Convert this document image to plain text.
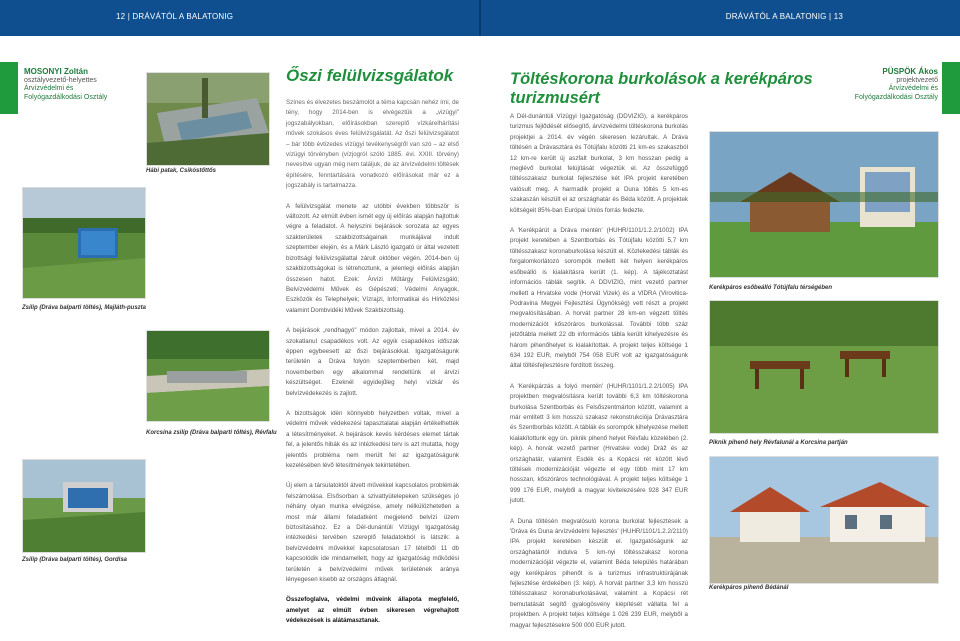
12 | DRÁVÁTÓL A BALATONIG	DRÁVÁTÓL A BALATONIG | 13
MOSONYI Zoltán
osztályvezető-helyettes
Árvízvédelmi és
Folyógazdálkodási Osztály
PÜSPÖK Ákos
projektvezető
Árvízvédelmi és
Folyógazdálkodási Osztály
Hábi patak, Csikóstőttős
Zsilip (Dráva balparti töltés), Majláth-puszta
Korcsina zsilip (Dráva balparti töltés), Révfalu
Zsilip (Dráva balparti töltés), Gordisa
Őszi felülvizsgálatok

Színes és élvezetes beszámolót a téma kapcsán nehéz írni, de tény, hogy 2014-ben is elvégeztük a „vizügyi" jogszabályokban, előírásokban szereplő vízkárelhárítási művek szokásos éves felülvizsgálatát. Az őszi felülvizsgálatot – bár több évtizedes vízügyi tevékenységről van szó – az első vízügyi törvényben (vízjogról szóló 1885. évi. XXIII. törvény) nevesítve ugyan még nem találjuk, de az árvízvédelmi töltések építésére, fenntartására vonatkozó előírásokat már ez a jogszabály is tartalmazza.

A felülvizsgálat menete az utóbbi években többször is változott. Az elmúlt évben ismét egy új előírás alapján hajtottuk végre a feladatot. A helyszíni bejárások sorozata az egyes szakterületek szakbizottságainak munkájával indult szeptember elején, és a Márk László igazgató úr által vezetett bizottsági felülvizsgálattal zárult október végén. 2014-ben új szakbizottságokat is létrehoztunk, a jelenlegi előírás alapján összesen hatot. Ezek: Árvízi Műtárgy Felülvizsgáló; Belvízvédelmi Művek és Gépészeti; Védelmi Anyagok, Eszközök és Telephelyek; Vízrajzi, Informatikai és Hírközlési valamint Dombvidéki Művek Szakbizottság.

A bejárások „rendhagyó" módon zajlottak, mivel a 2014. év szokatlanul csapadékos volt. Az egyik csapadékos időszak éppen egybeesett az őszi bejárásokkal. Igazgatóságunk területén a Dráva folyón szeptemberben két, majd novemberben egy alkalommal rendeltünk el árvízi készültséget. Ezeknél egyidejűleg helyi vízkár és belvízvédekezés is zajlott.

A bizottságok idén könnyebb helyzetben voltak, mivel a védelmi művek védekezési tapasztalatai alapján értékelhették a létesítményeket. A bejárások kevés kérdéses elemet tártak fel, a jelentős hibák és az intézkedési terv is azt mutatta, hogy jelentős probléma nem merült fel az igazgatóságunk kezelésében lévő létesítmények tekintetében.

Új elem a társulatoktól átvett művekkel kapcsolatos problémák felszámolása. Elsősorban a szivattyútelepeken szükséges jó néhány olyan munka elvégzése, amely nélkülözhetetlen a most már állami feladatként megjelenő belvízi üzem biztosításához. Ez a Dél-dunántúli Vízügyi Igazgatóság intézkedési tervében szereplő feladatokból is látszik: a belvízvédelmi művekkel kapcsolatosan 17 tételből 11 db kapcsolódik ide mindamellett, hogy az igazgatóság működési területén a belvízvédelmi művek területének aránya lényegesen kisebb az országos átlagnál.

Összefoglalva, védelmi műveink állapota megfelelő, amelyet az elmúlt évben sikeresen végrehajtott védekezések is alátámasztanak.

Töltéskorona burkolások a kerékpáros
turizmusért

A Dél-dunántúli Vízügyi Igazgatóság (DDVIZIG), a kerékpáros turizmus fejlődését elősegítő, árvízvédelmi töltéskorona burkolás projektjei a 2014. év végén sikeresen lezárultak. A Dráva töltésén a Drávasztára és Tótújfalu közötti 21 km-es szakaszból 12 km-re került új aszfalt burkolat, 3 km hosszan pedig a meglévő burkolat felújítását végeztük el. Az összefüggő töltésszakasz burkolat fejlesztése két IPA projekt keretében valósult meg. A harmadik projekt a Duna töltés 5 km-es szakaszán készült el az országhatár és Béda között. A projektek költségeit 85%-ban Európai Uniós forrás fedezte.

A 'Kerékpárút a Dráva mentén' (HUHR/1101/1.2.2/1002) IPA projekt keretében a Szentborbás és Tótújfalu közötti 5,7 km töltésszakasz koronaburkolása készült el. Közlekedési táblák és forgalomkorlátozó sorompók mellett két helyen kerékpáros esőbeálló is kialakításra került (1. kép). A tájékoztatást információs táblák segítik. A DDVIZIG, mint vezető partner mellett a Hrvatske vode (Horvát Vizek) és a VIDRA (Virovitica-Podravina Megyei Fejlesztési Ügynökség) vett részt a projekt megvalósításában. A horvát partner 28 km-en végzett töltés modernizációt kőszóráros burkolással. További több száz jelzőtábla mellett 22 db információs tábla került kihelyezésre és három pihenőhelyet is kialakítottak. A projekt teljes költsége 1 634 192 EUR, melyből 754 058 EUR volt az igazgatóságunk által töltésfejlesztésre fordított összeg.

A 'Kerékpárzás a folyó mentén' (HUHR/1101/1.2.2/1005) IPA projektben megvalósításra került további 6,3 km töltéskorona burkolása Szentborbás és Felsőszentmárton között, valamint a már említett 3 km hosszú szakasz rekonstrukciója Drávasztára és Szentborbás között. A táblák és sorompók kihelyezése mellett kialakítottunk egy ún. piknik pihenő helyet Révfalu közelében (2. kép). A horvát vezető partner (Hrvatske vode) Dráž és az országhatár, valamint Esdék és a Kopácsi rét között lévő töltések modernizációját végezte el egy több mint 17 km hosszan, kőszóráros technológiával. A projekt teljes költsége 1 999 176 EUR, melyből a magyar kivitelezésére 928 347 EUR jutott.

A Duna töltésén megvalósuló korona burkolat fejlesztések a 'Dráva és Duna árvízvédelmi fejlesztés' (HUHR/1101/1.2.2/2110) IPA projekt keretében készült el. Igazgatóságunk az országhatártól indulva 5 km-nyi töltésszakasz korona modernizációját végezte el, valamint Béda település határában egy kerékpáros pihenőt is a turizmus infrastruktúrájának fejlesztése érdekében (3. kép). A horvát partner 3,3 km hosszú töltésszakasz koronaburkolásával, valamint a Kopácsi rét bemutatását segítő gyalogösvény kiépítését vállalta fel a projektben. A projekt teljes költsége 1 026 239 EUR, melyből a magyar fejlesztésekre 500 000 EUR jutott.

Kerékpáros esőbeálló Tótújfalu térségében
Piknik pihenő hely Révfalunál a Korcsina partján
Kerékpáros pihenő Bédánál
